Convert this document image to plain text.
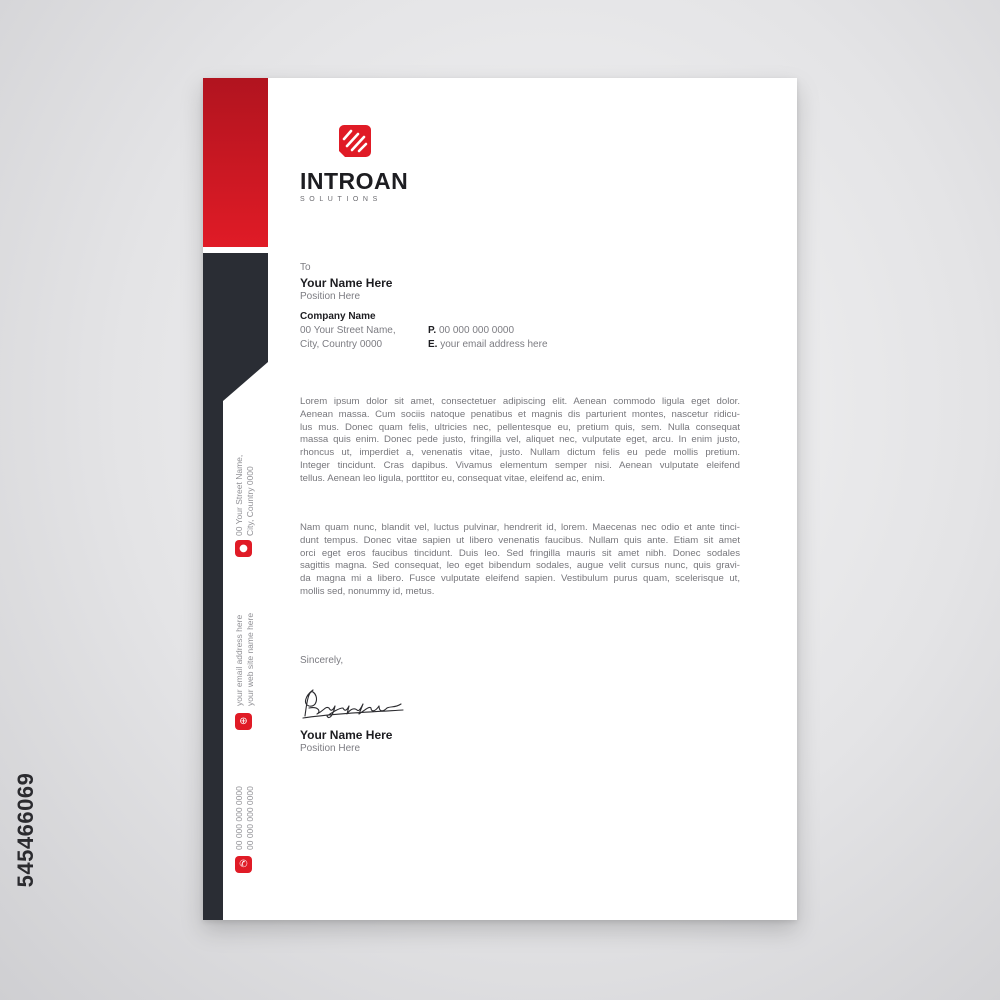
545466069
00 Your Street Name, City, Country 0000
●
your email address here your web site name here
⊕
00 000 000 0000 00 000 000 0000
✆
INTROAN
SOLUTIONS
To
Your Name Here
Position Here
Company Name
00 Your Street Name,
City, Country 0000
P. 00 000 000 0000
E. your email address here
Lorem ipsum dolor sit amet, consectetuer adipiscing elit. Aenean commodo ligula eget dolor.
Aenean massa. Cum sociis natoque penatibus et magnis dis parturient montes, nascetur ridicu-
lus mus. Donec quam felis, ultricies nec, pellentesque eu, pretium quis, sem. Nulla consequat
massa quis enim. Donec pede justo, fringilla vel, aliquet nec, vulputate eget, arcu. In enim justo,
rhoncus ut, imperdiet a, venenatis vitae, justo. Nullam dictum felis eu pede mollis pretium.
Integer tincidunt. Cras dapibus. Vivamus elementum semper nisi. Aenean vulputate eleifend
tellus. Aenean leo ligula, porttitor eu, consequat vitae, eleifend ac, enim.
Nam quam nunc, blandit vel, luctus pulvinar, hendrerit id, lorem. Maecenas nec odio et ante tinci-
dunt tempus. Donec vitae sapien ut libero venenatis faucibus. Nullam quis ante. Etiam sit amet
orci eget eros faucibus tincidunt. Duis leo. Sed fringilla mauris sit amet nibh. Donec sodales
sagittis magna. Sed consequat, leo eget bibendum sodales, augue velit cursus nunc, quis gravi-
da magna mi a libero. Fusce vulputate eleifend sapien. Vestibulum purus quam, scelerisque ut,
mollis sed, nonummy id, metus.
Sincerely,
Your Name Here
Position Here
